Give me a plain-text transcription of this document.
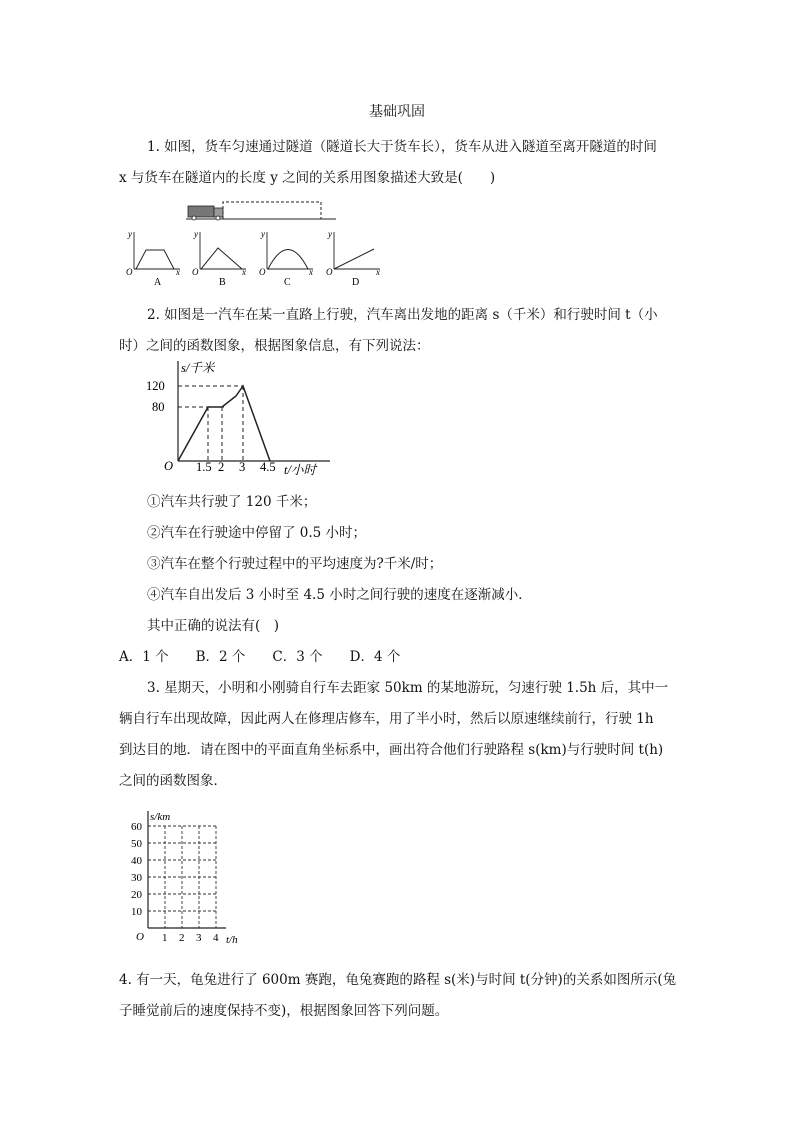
基础巩固
1. 如图，货车匀速通过隧道（隧道长大于货车长），货车从进入隧道至离开隧道的时间
x 与货车在隧道内的长度 y 之间的关系用图象描述大致是(　　)
y
O	x
A
y
O	x
B
y
O	x
C
y
O	x
D
2. 如图是一汽车在某一直路上行驶，汽车离出发地的距离 s（千米）和行驶时间 t（小
时）之间的函数图象，根据图象信息，有下列说法：
s/千米
120
80
O 1.5 2 3 4.5 t/小时
①汽车共行驶了 120 千米；
②汽车在行驶途中停留了 0.5 小时；
③汽车在整个行驶过程中的平均速度为?千米/时；
④汽车自出发后 3 小时至 4.5 小时之间行驶的速度在逐渐减小．
其中正确的说法有(　)
A．1 个　　B．2 个　　C．3 个　　D．4 个
3. 星期天，小明和小刚骑自行车去距家 50km 的某地游玩，匀速行驶 1.5h 后，其中一
辆自行车出现故障，因此两人在修理店修车，用了半小时，然后以原速继续前行，行驶 1h
到达目的地．请在图中的平面直角坐标系中，画出符合他们行驶路程 s(km)与行驶时间 t(h)
之间的函数图象．
s/km
60
50
40
30
20
10
O 1 2 3 4 t/h
4. 有一天，龟兔进行了 600m 赛跑，龟兔赛跑的路程 s(米)与时间 t(分钟)的关系如图所示(兔
子睡觉前后的速度保持不变)，根据图象回答下列问题。
